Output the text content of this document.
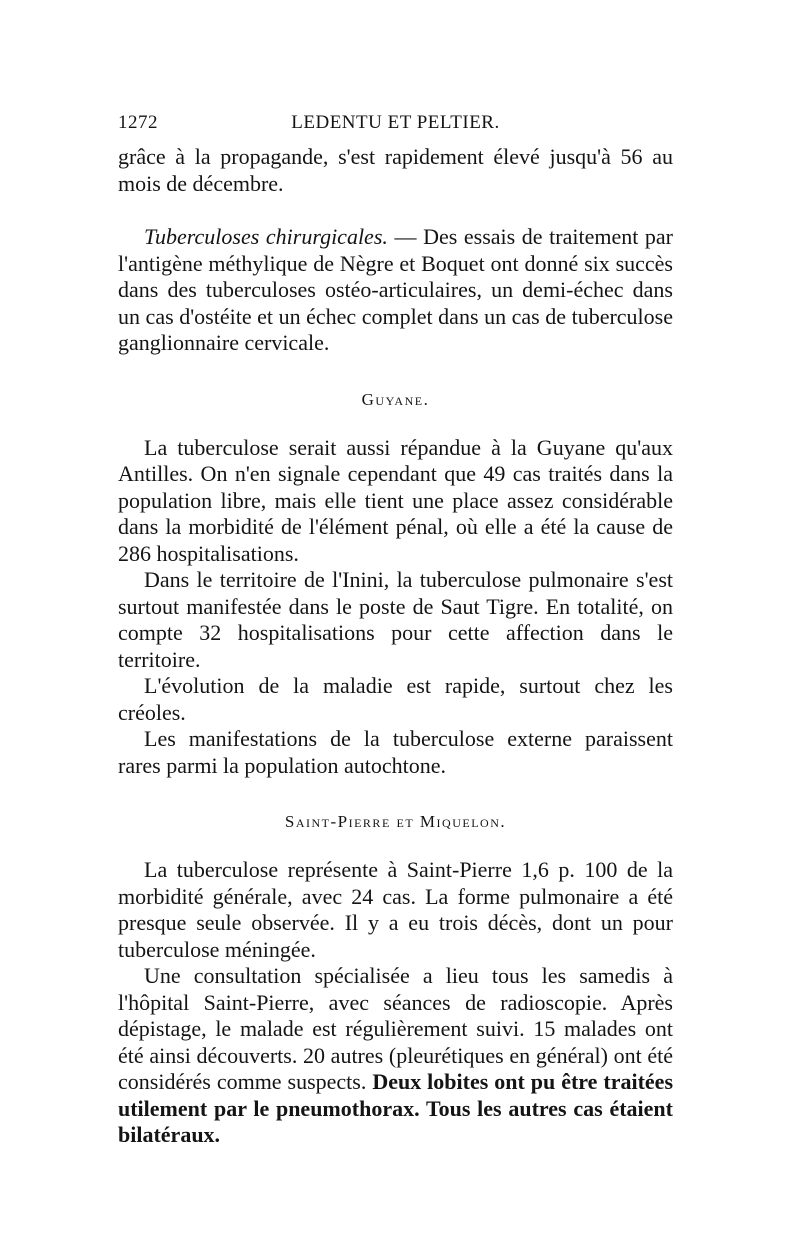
1272	LEDENTU ET PELTIER.

grâce à la propagande, s'est rapidement élevé jusqu'à 56 au mois de décembre.

Tuberculoses chirurgicales. — Des essais de traitement par l'antigène méthylique de Nègre et Boquet ont donné six succès dans des tuberculoses ostéo-articulaires, un demi-échec dans un cas d'ostéite et un échec complet dans un cas de tuberculose ganglionnaire cervicale.

Guyane.

La tuberculose serait aussi répandue à la Guyane qu'aux Antilles. On n'en signale cependant que 49 cas traités dans la population libre, mais elle tient une place assez considérable dans la morbidité de l'élément pénal, où elle a été la cause de 286 hospitalisations.

Dans le territoire de l'Inini, la tuberculose pulmonaire s'est surtout manifestée dans le poste de Saut Tigre. En totalité, on compte 32 hospitalisations pour cette affection dans le territoire.

L'évolution de la maladie est rapide, surtout chez les créoles.

Les manifestations de la tuberculose externe paraissent rares parmi la population autochtone.

Saint-Pierre et Miquelon.

La tuberculose représente à Saint-Pierre 1,6 p. 100 de la morbidité générale, avec 24 cas. La forme pulmonaire a été presque seule observée. Il y a eu trois décès, dont un pour tuberculose méningée.

Une consultation spécialisée a lieu tous les samedis à l'hôpital Saint-Pierre, avec séances de radioscopie. Après dépistage, le malade est régulièrement suivi. 15 malades ont été ainsi découverts. 20 autres (pleurétiques en général) ont été considérés comme suspects. Deux lobites ont pu être traitées utilement par le pneumothorax. Tous les autres cas étaient bilatéraux.
